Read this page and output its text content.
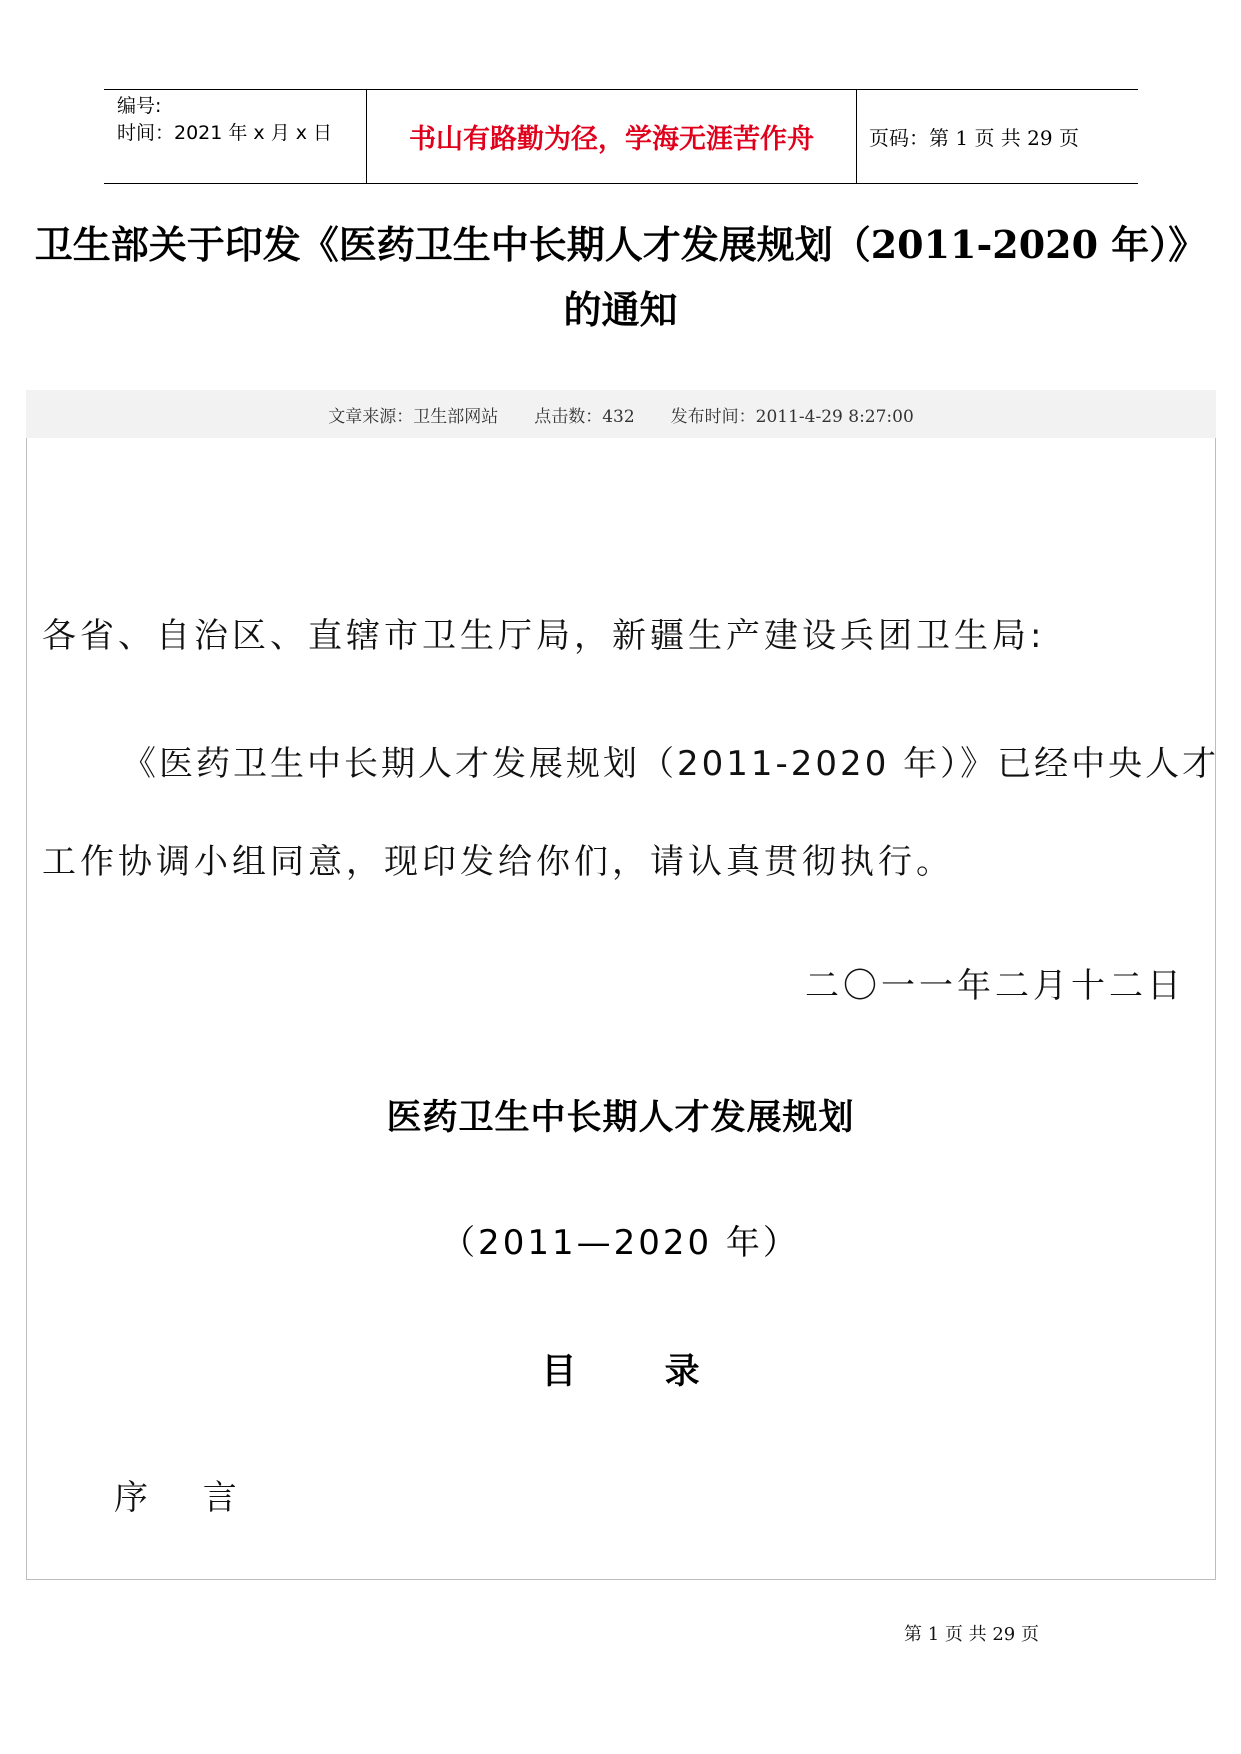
编号:
时间：2021 年 x 月 x 日	书山有路勤为径，学海无涯苦作舟	页码：第 1 页 共 29 页
卫生部关于印发《医药卫生中长期人才发展规划（2011-2020 年）》
的通知
文章来源：卫生部网站 点击数：432 发布时间：2011-4-29 8:27:00
各省、自治区、直辖市卫生厅局，新疆生产建设兵团卫生局:
《医药卫生中长期人才发展规划（2011-2020 年）》已经中央人才
工作协调小组同意，现印发给你们，请认真贯彻执行。
二〇一一年二月十二日
医药卫生中长期人才发展规划
（2011—2020 年）
目 录
序 言
第 1 页 共 29 页
